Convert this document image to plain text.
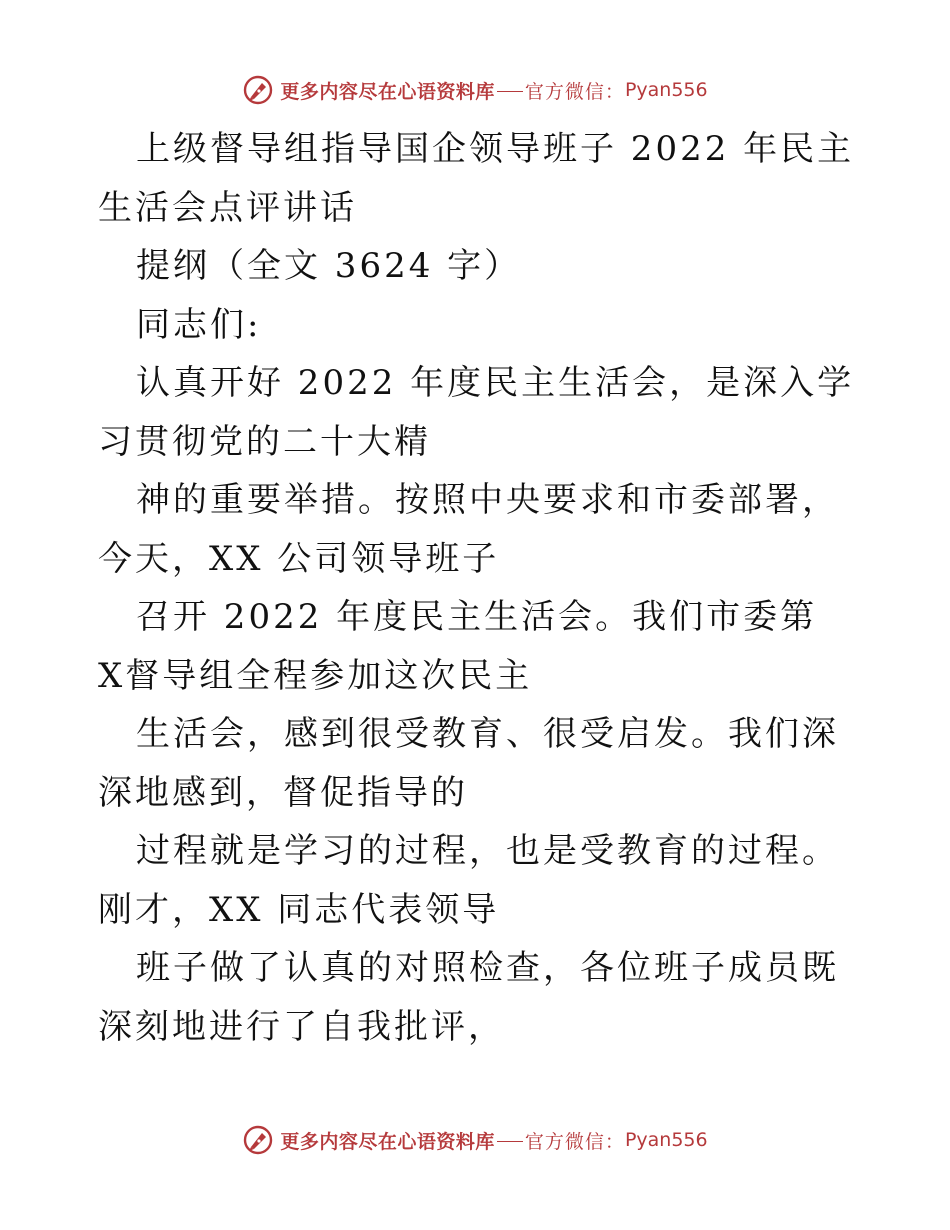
更多内容尽在心语资料库 官方微信： Pyan556

上级督导组指导国企领导班子 2022 年民主生活会点评讲话

提纲（全文 3624 字）

同志们:

认真开好 2022 年度民主生活会，是深入学习贯彻党的二十大精

神的重要举措。按照中央要求和市委部署，今天，XX 公司领导班子

召开 2022 年度民主生活会。我们市委第 X督导组全程参加这次民主

生活会，感到很受教育、很受启发。我们深深地感到，督促指导的

过程就是学习的过程，也是受教育的过程。刚才，XX 同志代表领导

班子做了认真的对照检查，各位班子成员既深刻地进行了自我批评，

更多内容尽在心语资料库 官方微信： Pyan556
